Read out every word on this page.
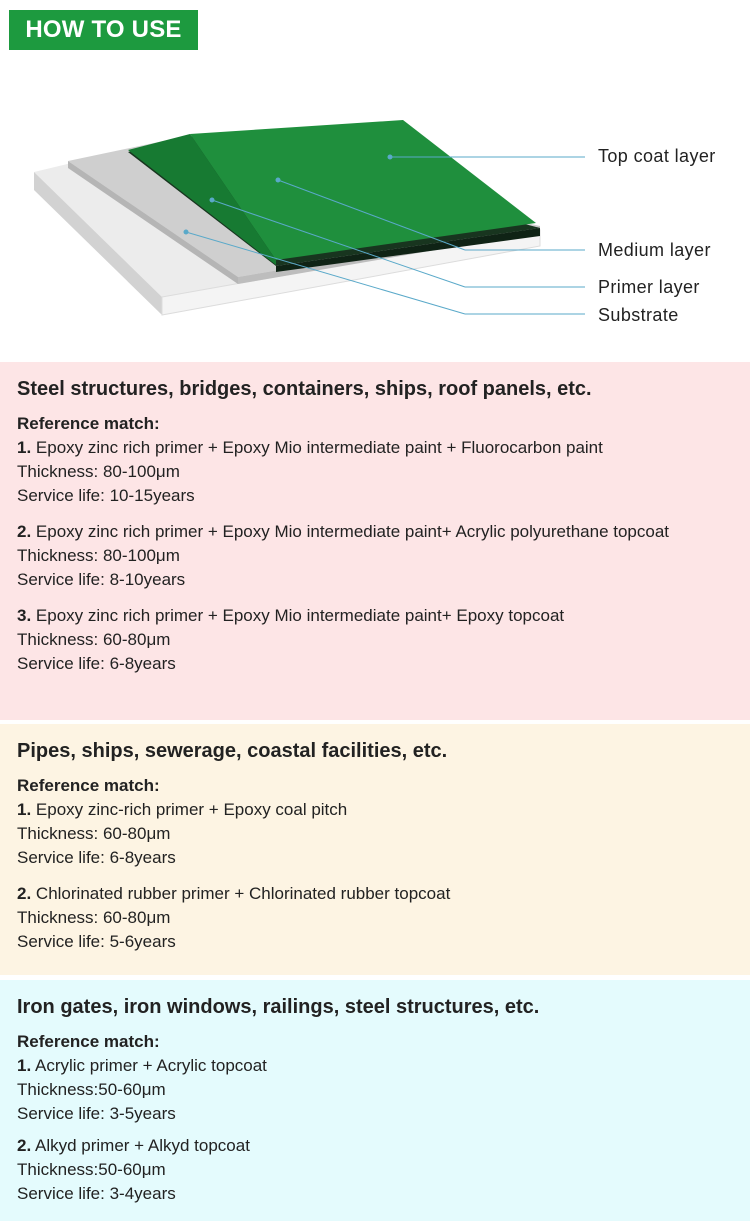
HOW TO USE
Top coat layer
Medium layer
Primer layer
Substrate
Steel structures, bridges, containers, ships, roof panels, etc.
Reference match:
1. Epoxy zinc rich primer + Epoxy Mio intermediate paint + Fluorocarbon paint
Thickness: 80-100μm
Service life: 10-15years
2. Epoxy zinc rich primer + Epoxy Mio intermediate paint+ Acrylic polyurethane topcoat
Thickness: 80-100μm
Service life: 8-10years
3. Epoxy zinc rich primer + Epoxy Mio intermediate paint+ Epoxy topcoat
Thickness: 60-80μm
Service life: 6-8years
Pipes, ships, sewerage, coastal facilities, etc.
Reference match:
1. Epoxy zinc-rich primer + Epoxy coal pitch
Thickness: 60-80μm
Service life: 6-8years
2. Chlorinated rubber primer + Chlorinated rubber topcoat
Thickness: 60-80μm
Service life: 5-6years
Iron gates, iron windows, railings, steel structures, etc.
Reference match:
1. Acrylic primer + Acrylic topcoat
Thickness:50-60μm
Service life: 3-5years
2. Alkyd primer + Alkyd topcoat
Thickness:50-60μm
Service life: 3-4years
